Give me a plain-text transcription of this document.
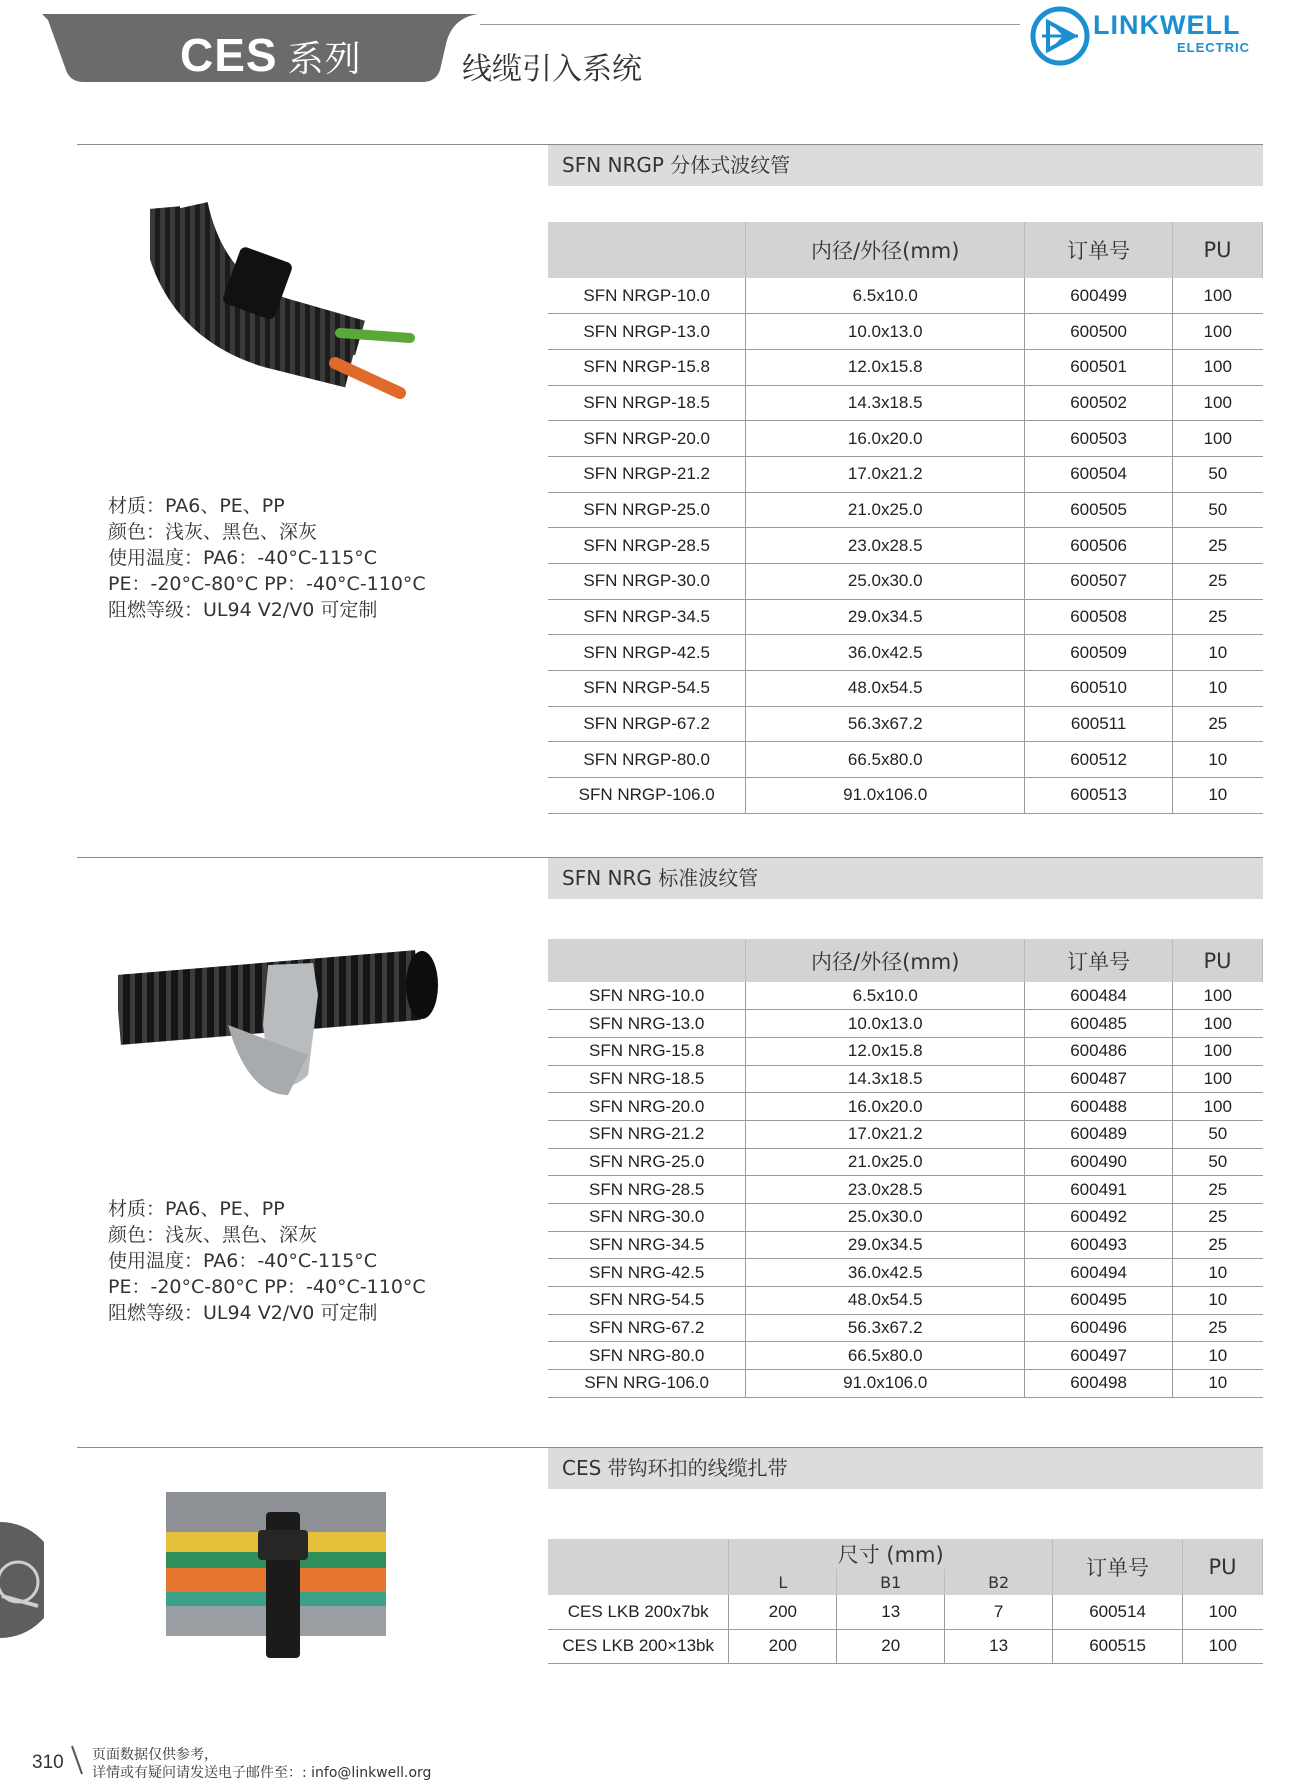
CES 系列	线缆引入系统
LINKWELL
ELECTRIC
SFN NRGP 分体式波纹管
材质：PA6、PE、PP
颜色：浅灰、黑色、深灰
使用温度：PA6：-40°C-115°C
PE：-20°C-80°C PP：-40°C-110°C
阻燃等级：UL94 V2/V0 可定制
	内径/外径(mm)	订单号	PU
SFN NRGP-10.0	6.5x10.0	600499	100
SFN NRGP-13.0	10.0x13.0	600500	100
SFN NRGP-15.8	12.0x15.8	600501	100
SFN NRGP-18.5	14.3x18.5	600502	100
SFN NRGP-20.0	16.0x20.0	600503	100
SFN NRGP-21.2	17.0x21.2	600504	50
SFN NRGP-25.0	21.0x25.0	600505	50
SFN NRGP-28.5	23.0x28.5	600506	25
SFN NRGP-30.0	25.0x30.0	600507	25
SFN NRGP-34.5	29.0x34.5	600508	25
SFN NRGP-42.5	36.0x42.5	600509	10
SFN NRGP-54.5	48.0x54.5	600510	10
SFN NRGP-67.2	56.3x67.2	600511	25
SFN NRGP-80.0	66.5x80.0	600512	10
SFN NRGP-106.0	91.0x106.0	600513	10
SFN NRG 标准波纹管
材质：PA6、PE、PP
颜色：浅灰、黑色、深灰
使用温度：PA6：-40°C-115°C
PE：-20°C-80°C PP：-40°C-110°C
阻燃等级：UL94 V2/V0 可定制
	内径/外径(mm)	订单号	PU
SFN NRG-10.0	6.5x10.0	600484	100
SFN NRG-13.0	10.0x13.0	600485	100
SFN NRG-15.8	12.0x15.8	600486	100
SFN NRG-18.5	14.3x18.5	600487	100
SFN NRG-20.0	16.0x20.0	600488	100
SFN NRG-21.2	17.0x21.2	600489	50
SFN NRG-25.0	21.0x25.0	600490	50
SFN NRG-28.5	23.0x28.5	600491	25
SFN NRG-30.0	25.0x30.0	600492	25
SFN NRG-34.5	29.0x34.5	600493	25
SFN NRG-42.5	36.0x42.5	600494	10
SFN NRG-54.5	48.0x54.5	600495	10
SFN NRG-67.2	56.3x67.2	600496	25
SFN NRG-80.0	66.5x80.0	600497	10
SFN NRG-106.0	91.0x106.0	600498	10
CES 带钩环扣的线缆扎带
	尺寸 (mm)			订单号	PU
	L	B1	B2		
CES LKB 200x7bk	200	13	7	600514	100
CES LKB 200×13bk	200	20	13	600515	100
310 页面数据仅供参考，
详情或有疑问请发送电子邮件至：: info@linkwell.org
